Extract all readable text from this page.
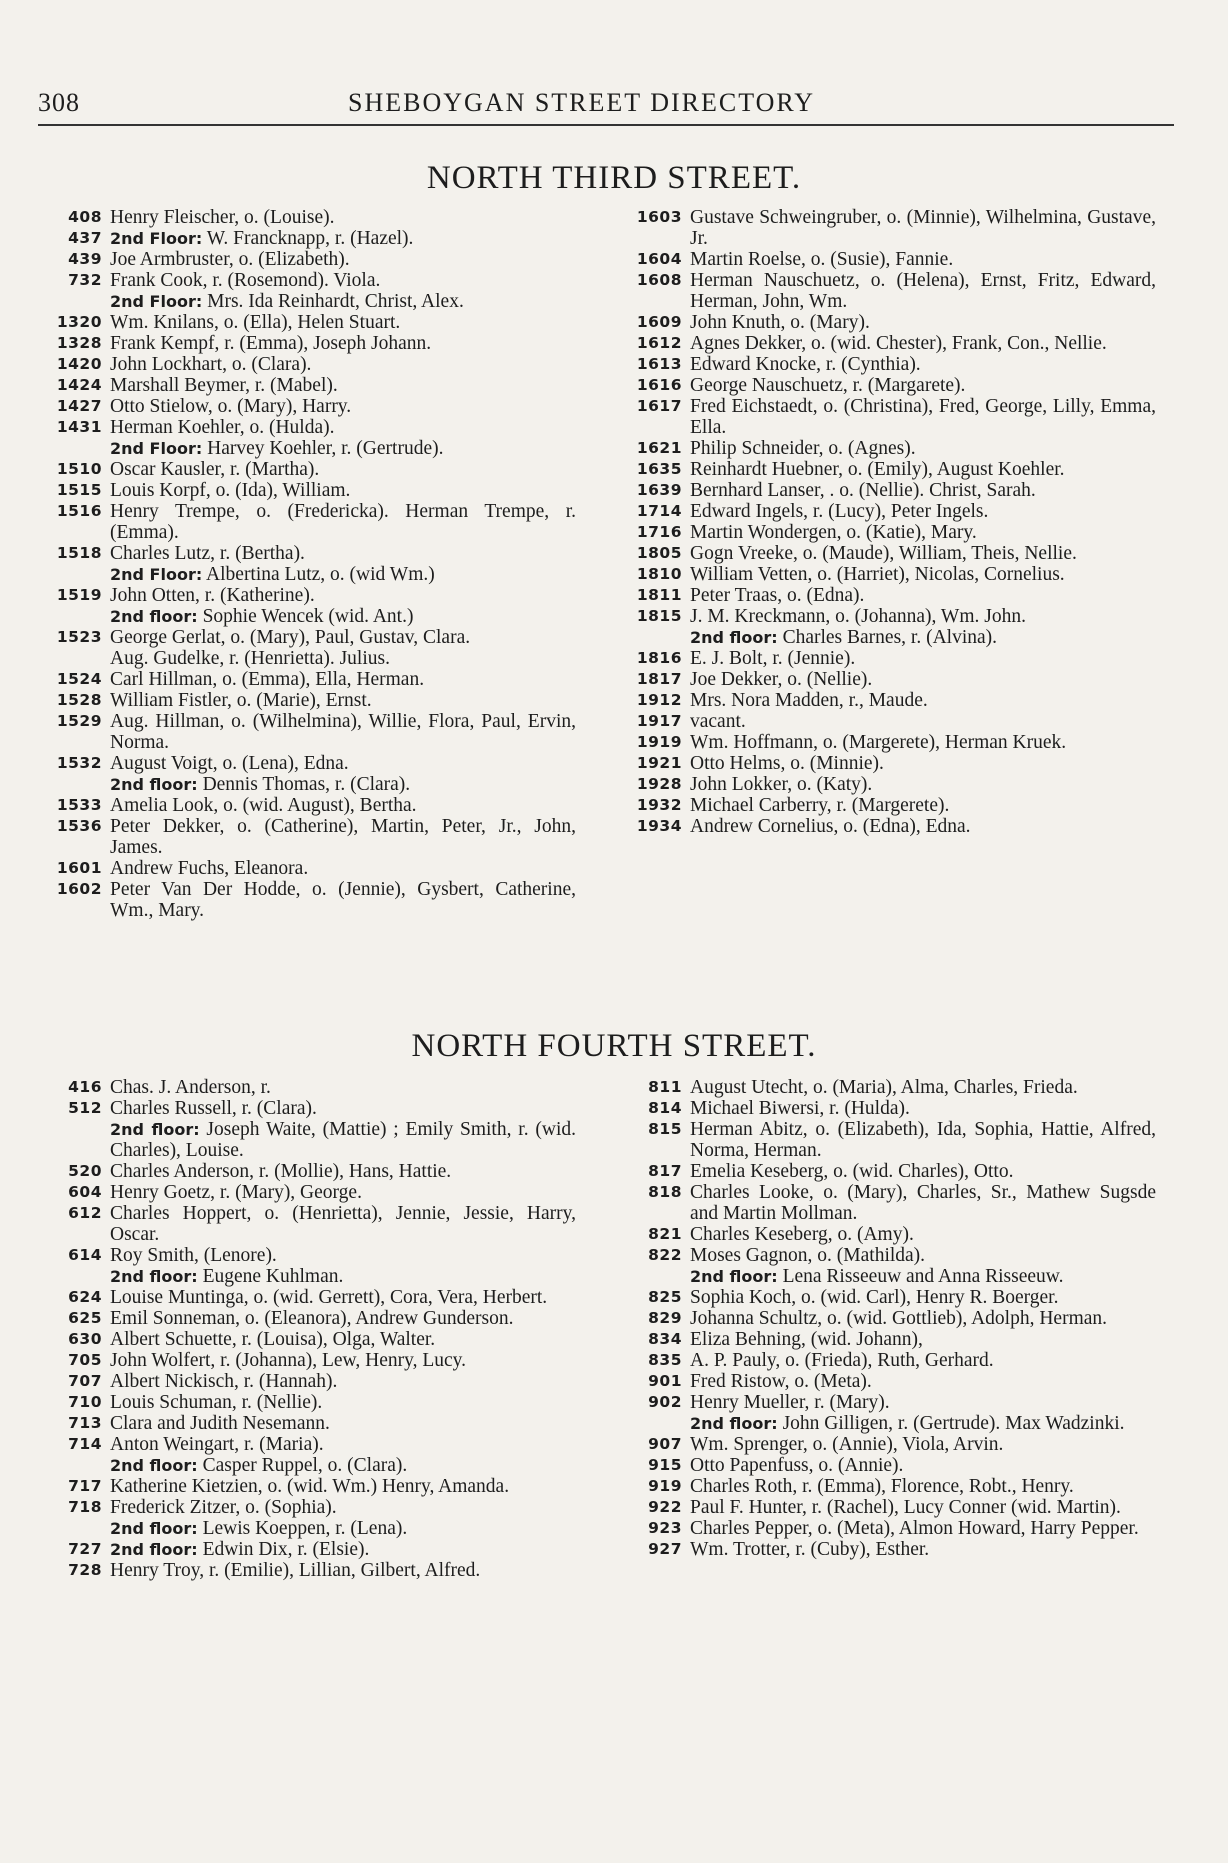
308	SHEBOYGAN STREET DIRECTORY
NORTH THIRD STREET.
408 Henry Fleischer, o. (Louise).
437 2nd Floor: W. Francknapp, r. (Hazel).
439 Joe Armbruster, o. (Elizabeth).
732 Frank Cook, r. (Rosemond). Viola.
2nd Floor: Mrs. Ida Reinhardt, Christ, Alex.
1320 Wm. Knilans, o. (Ella), Helen Stuart.
1328 Frank Kempf, r. (Emma), Joseph Johann.
1420 John Lockhart, o. (Clara).
1424 Marshall Beymer, r. (Mabel).
1427 Otto Stielow, o. (Mary), Harry.
1431 Herman Koehler, o. (Hulda).
2nd Floor: Harvey Koehler, r. (Gertrude).
1510 Oscar Kausler, r. (Martha).
1515 Louis Korpf, o. (Ida), William.
1516 Henry Trempe, o. (Fredericka). Herman Trempe, r. (Emma).
1518 Charles Lutz, r. (Bertha).
2nd Floor: Albertina Lutz, o. (wid Wm.)
1519 John Otten, r. (Katherine).
2nd floor: Sophie Wencek (wid. Ant.)
1523 George Gerlat, o. (Mary), Paul, Gustav, Clara.
Aug. Gudelke, r. (Henrietta). Julius.
1524 Carl Hillman, o. (Emma), Ella, Herman.
1528 William Fistler, o. (Marie), Ernst.
1529 Aug. Hillman, o. (Wilhelmina), Willie, Flora, Paul, Ervin, Norma.
1532 August Voigt, o. (Lena), Edna.
2nd floor: Dennis Thomas, r. (Clara).
1533 Amelia Look, o. (wid. August), Bertha.
1536 Peter Dekker, o. (Catherine), Martin, Peter, Jr., John, James.
1601 Andrew Fuchs, Eleanora.
1602 Peter Van Der Hodde, o. (Jennie), Gysbert, Catherine, Wm., Mary.
1603 Gustave Schweingruber, o. (Minnie), Wilhelmina, Gustave, Jr.
1604 Martin Roelse, o. (Susie), Fannie.
1608 Herman Nauschuetz, o. (Helena), Ernst, Fritz, Edward, Herman, John, Wm.
1609 John Knuth, o. (Mary).
1612 Agnes Dekker, o. (wid. Chester), Frank, Con., Nellie.
1613 Edward Knocke, r. (Cynthia).
1616 George Nauschuetz, r. (Margarete).
1617 Fred Eichstaedt, o. (Christina), Fred, George, Lilly, Emma, Ella.
1621 Philip Schneider, o. (Agnes).
1635 Reinhardt Huebner, o. (Emily), August Koehler.
1639 Bernhard Lanser, . o. (Nellie). Christ, Sarah.
1714 Edward Ingels, r. (Lucy), Peter Ingels.
1716 Martin Wondergen, o. (Katie), Mary.
1805 Gogn Vreeke, o. (Maude), William, Theis, Nellie.
1810 William Vetten, o. (Harriet), Nicolas, Cornelius.
1811 Peter Traas, o. (Edna).
1815 J. M. Kreckmann, o. (Johanna), Wm. John.
2nd floor: Charles Barnes, r. (Alvina).
1816 E. J. Bolt, r. (Jennie).
1817 Joe Dekker, o. (Nellie).
1912 Mrs. Nora Madden, r., Maude.
1917 vacant.
1919 Wm. Hoffmann, o. (Margerete), Herman Kruek.
1921 Otto Helms, o. (Minnie).
1928 John Lokker, o. (Katy).
1932 Michael Carberry, r. (Margerete).
1934 Andrew Cornelius, o. (Edna), Edna.
NORTH FOURTH STREET.
416 Chas. J. Anderson, r.
512 Charles Russell, r. (Clara).
2nd floor: Joseph Waite, (Mattie) ; Emily Smith, r. (wid. Charles), Louise.
520 Charles Anderson, r. (Mollie), Hans, Hattie.
604 Henry Goetz, r. (Mary), George.
612 Charles Hoppert, o. (Henrietta), Jennie, Jessie, Harry, Oscar.
614 Roy Smith, (Lenore).
2nd floor: Eugene Kuhlman.
624 Louise Muntinga, o. (wid. Gerrett), Cora, Vera, Herbert.
625 Emil Sonneman, o. (Eleanora), Andrew Gunderson.
630 Albert Schuette, r. (Louisa), Olga, Walter.
705 John Wolfert, r. (Johanna), Lew, Henry, Lucy.
707 Albert Nickisch, r. (Hannah).
710 Louis Schuman, r. (Nellie).
713 Clara and Judith Nesemann.
714 Anton Weingart, r. (Maria).
2nd floor: Casper Ruppel, o. (Clara).
717 Katherine Kietzien, o. (wid. Wm.) Henry, Amanda.
718 Frederick Zitzer, o. (Sophia).
2nd floor: Lewis Koeppen, r. (Lena).
727 2nd floor: Edwin Dix, r. (Elsie).
728 Henry Troy, r. (Emilie), Lillian, Gilbert, Alfred.
811 August Utecht, o. (Maria), Alma, Charles, Frieda.
814 Michael Biwersi, r. (Hulda).
815 Herman Abitz, o. (Elizabeth), Ida, Sophia, Hattie, Alfred, Norma, Herman.
817 Emelia Keseberg, o. (wid. Charles), Otto.
818 Charles Looke, o. (Mary), Charles, Sr., Mathew Sugsde and Martin Mollman.
821 Charles Keseberg, o. (Amy).
822 Moses Gagnon, o. (Mathilda).
2nd floor: Lena Risseeuw and Anna Risseeuw.
825 Sophia Koch, o. (wid. Carl), Henry R. Boerger.
829 Johanna Schultz, o. (wid. Gottlieb), Adolph, Herman.
834 Eliza Behning, (wid. Johann),
835 A. P. Pauly, o. (Frieda), Ruth, Gerhard.
901 Fred Ristow, o. (Meta).
902 Henry Mueller, r. (Mary).
2nd floor: John Gilligen, r. (Gertrude). Max Wadzinki.
907 Wm. Sprenger, o. (Annie), Viola, Arvin.
915 Otto Papenfuss, o. (Annie).
919 Charles Roth, r. (Emma), Florence, Robt., Henry.
922 Paul F. Hunter, r. (Rachel), Lucy Conner (wid. Martin).
923 Charles Pepper, o. (Meta), Almon Howard, Harry Pepper.
927 Wm. Trotter, r. (Cuby), Esther.
